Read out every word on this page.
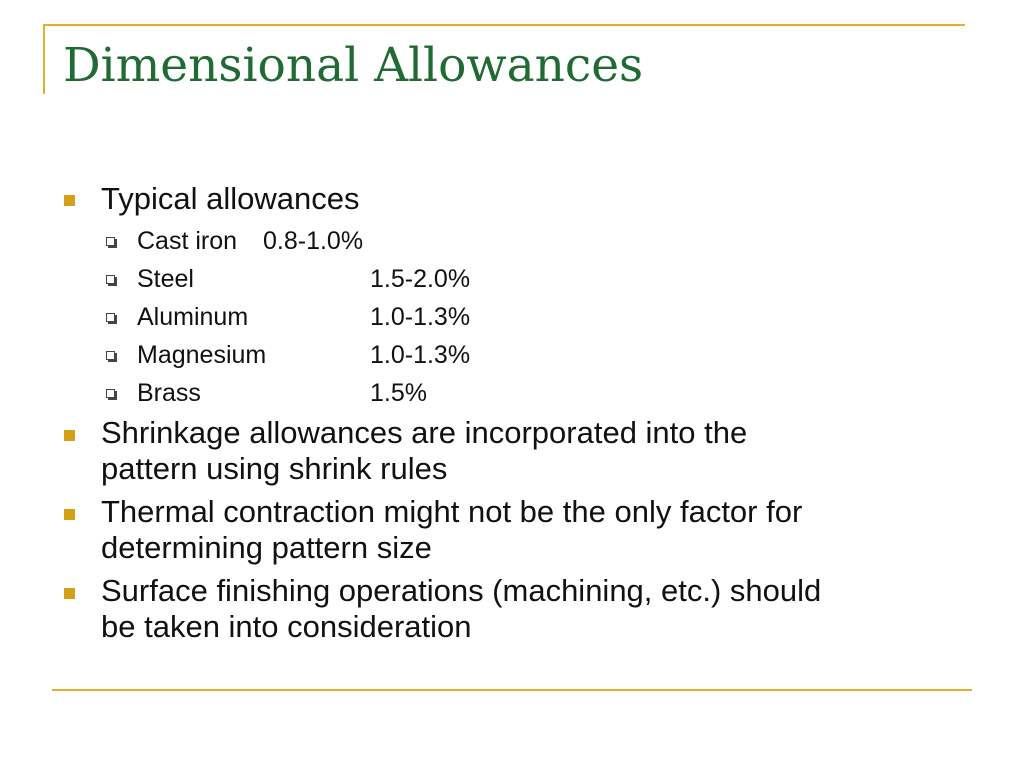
Dimensional Allowances
Typical allowances
Cast iron 0.8-1.0%
Steel	1.5-2.0%
Aluminum	1.0-1.3%
Magnesium	1.0-1.3%
Brass	1.5%
Shrinkage allowances are incorporated into the
pattern using shrink rules
Thermal contraction might not be the only factor for
determining pattern size
Surface finishing operations (machining, etc.) should
be taken into consideration
